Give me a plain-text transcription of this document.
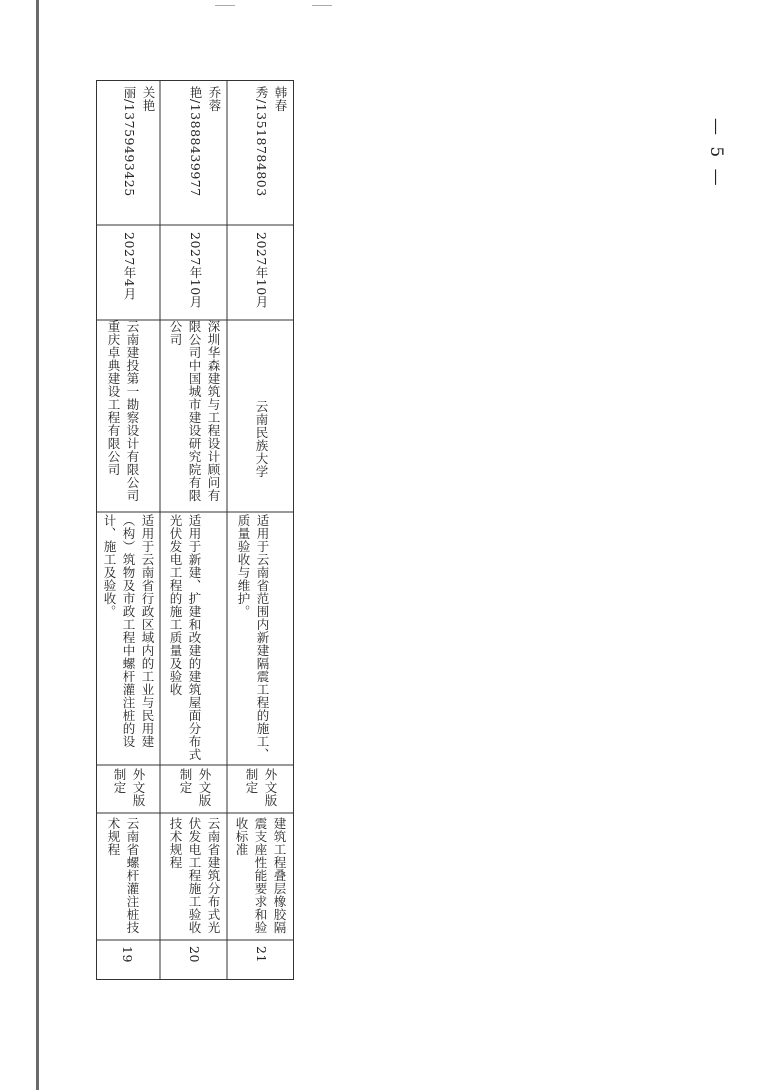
关艳丽/13759493425
2027年4月
云南建投第一勘察设计有限公司重庆卓典建设工程有限公司
适用于云南省行政区域内的工业与民用建（构）筑物及市政工程中螺杆灌注桩的设计、施工及验收。
外文版制定
云南省螺杆灌注桩技术规程
19
乔蓉艳/13888439977
2027年10月
深圳华森建筑与工程设计顾问有限公司中国城市建设研究院有限公司
适用于新建、扩建和改建的建筑屋面分布式光伏发电工程的施工质量及验收
外文版制定
云南省建筑分布式光伏发电工程施工验收技术规程
20
韩春秀/13518784803
2027年10月
云南民族大学
适用于云南省范围内新建隔震工程的施工、质量验收与维护。
外文版制定
建筑工程叠层橡胶隔震支座性能要求和验收标准
21
— 5 —
